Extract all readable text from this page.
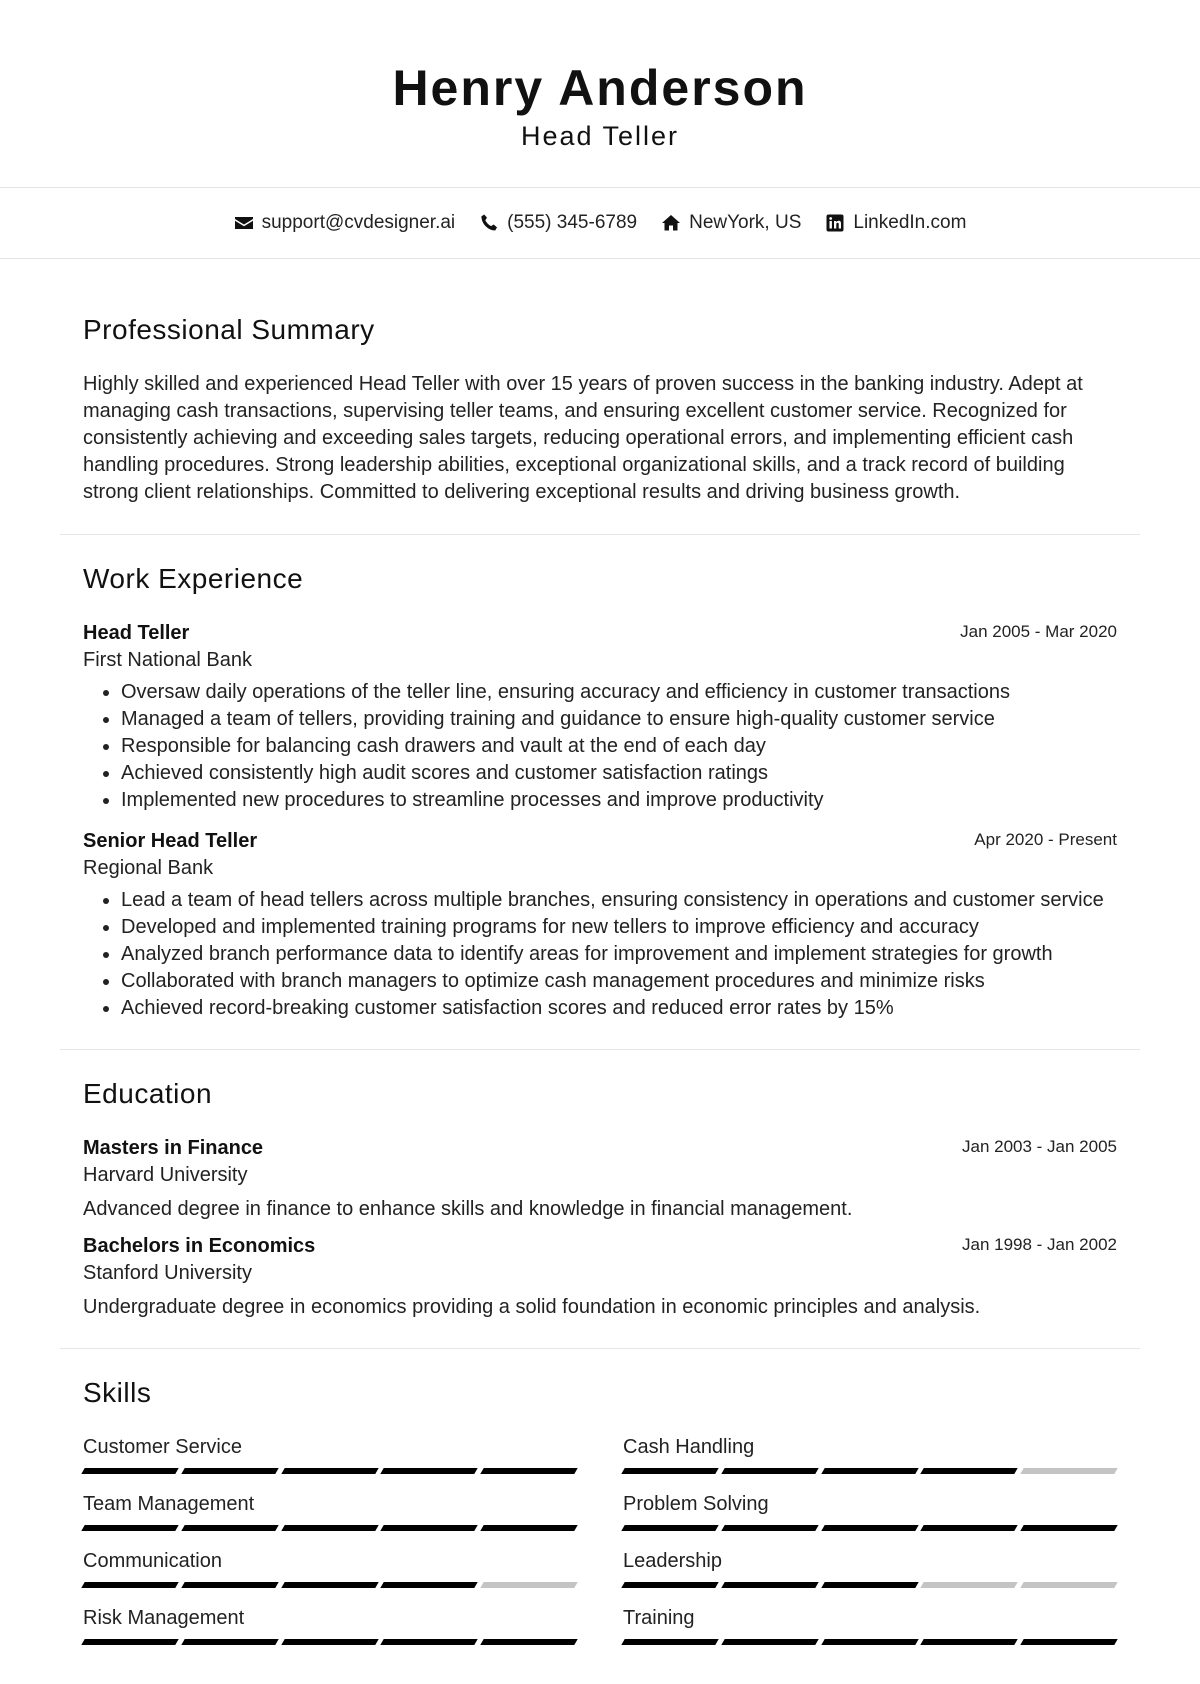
Henry Anderson
Head Teller
support@cvdesigner.ai	(555) 345-6789	NewYork, US	LinkedIn.com
Professional Summary

Highly skilled and experienced Head Teller with over 15 years of proven success in the banking industry. Adept at managing cash transactions, supervising teller teams, and ensuring excellent customer service. Recognized for consistently achieving and exceeding sales targets, reducing operational errors, and implementing efficient cash handling procedures. Strong leadership abilities, exceptional organizational skills, and a track record of building strong client relationships. Committed to delivering exceptional results and driving business growth.

Work Experience
Head Teller	Jan 2005 - Mar 2020
First National Bank
• Oversaw daily operations of the teller line, ensuring accuracy and efficiency in customer transactions
• Managed a team of tellers, providing training and guidance to ensure high-quality customer service
• Responsible for balancing cash drawers and vault at the end of each day
• Achieved consistently high audit scores and customer satisfaction ratings
• Implemented new procedures to streamline processes and improve productivity
Senior Head Teller	Apr 2020 - Present
Regional Bank
• Lead a team of head tellers across multiple branches, ensuring consistency in operations and customer service
• Developed and implemented training programs for new tellers to improve efficiency and accuracy
• Analyzed branch performance data to identify areas for improvement and implement strategies for growth
• Collaborated with branch managers to optimize cash management procedures and minimize risks
• Achieved record-breaking customer satisfaction scores and reduced error rates by 15%
Education
Masters in Finance	Jan 2003 - Jan 2005
Harvard University
Advanced degree in finance to enhance skills and knowledge in financial management.
Bachelors in Economics	Jan 1998 - Jan 2002
Stanford University
Undergraduate degree in economics providing a solid foundation in economic principles and analysis.
Skills
Customer Service	Cash Handling
Team Management	Problem Solving
Communication	Leadership
Risk Management	Training
